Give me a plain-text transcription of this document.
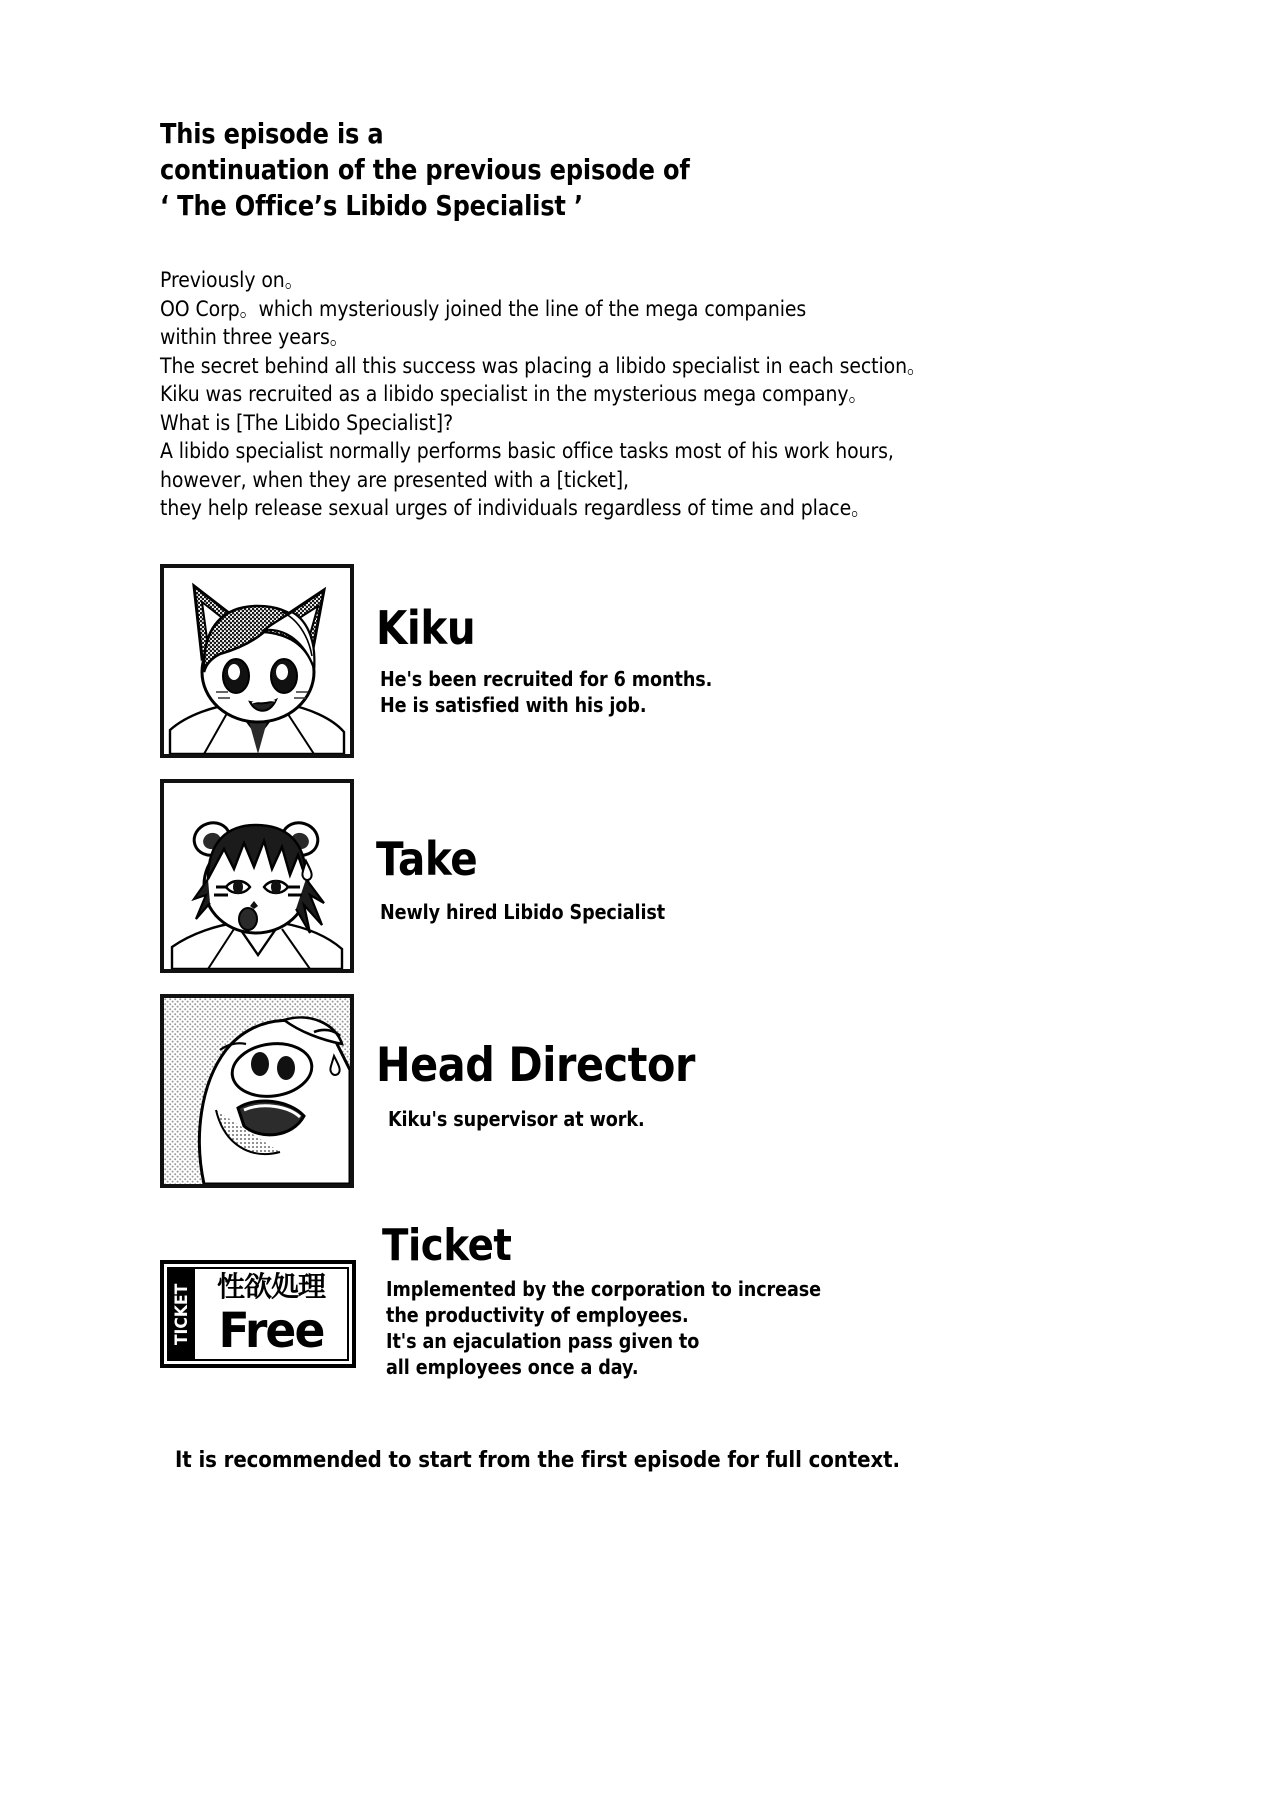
This episode is a
continuation of the previous episode of
‘ The Office’s Libido Specialist ’
Previously on。
OO Corp。which mysteriously joined the line of the mega companies
within three years。
The secret behind all this success was placing a libido specialist in each section。
Kiku was recruited as a libido specialist in the mysterious mega company。
What is [The Libido Specialist]?
A libido specialist normally performs basic office tasks most of his work hours,
however, when they are presented with a [ticket],
they help release sexual urges of individuals regardless of time and place。
Kiku
He's been recruited for 6 months.
He is satisfied with his job.
Take
Newly hired Libido Specialist
Head Director
Kiku's supervisor at work.
TICKET 性欲処理
Free
Ticket
Implemented by the corporation to increase
the productivity of employees.
It's an ejaculation pass given to
all employees once a day.
It is recommended to start from the first episode for full context.
